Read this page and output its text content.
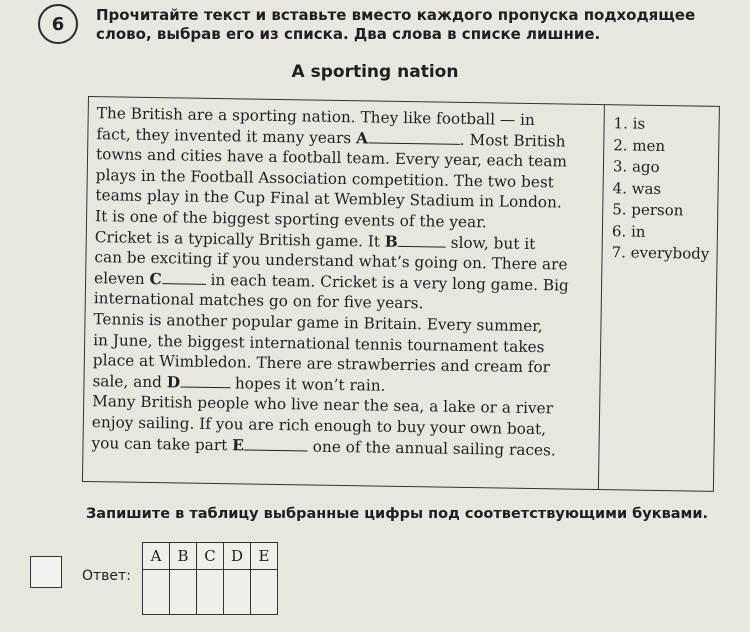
6	Прочитайте текст и вставьте вместо каждого пропуска подходящее слово, выбрав его из списка. Два слова в списке лишние.

A sporting nation

The British are a sporting nation. They like football — in

fact, they invented it many years A	. Most British

towns and cities have a football team. Every year, each team

plays in the Football Association competition. The two best

teams play in the Cup Final at Wembley Stadium in London.

It is one of the biggest sporting events of the year.

Cricket is a typically British game. It B	slow, but it

can be exciting if you understand what’s going on. There are

eleven C	in each team. Cricket is a very long game. Big

international matches go on for five years.

Tennis is another popular game in Britain. Every summer,

in June, the biggest international tennis tournament takes

place at Wimbledon. There are strawberries and cream for

sale, and D	hopes it won’t rain.

Many British people who live near the sea, a lake or a river

enjoy sailing. If you are rich enough to buy your own boat,

you can take part E	one of the annual sailing races.

1. is
2. men
3. ago
4. was
5. person
6. in
7. everybody

Запишите в таблицу выбранные цифры под соответствующими буквами.

Ответ:
A	B	C	D	E
